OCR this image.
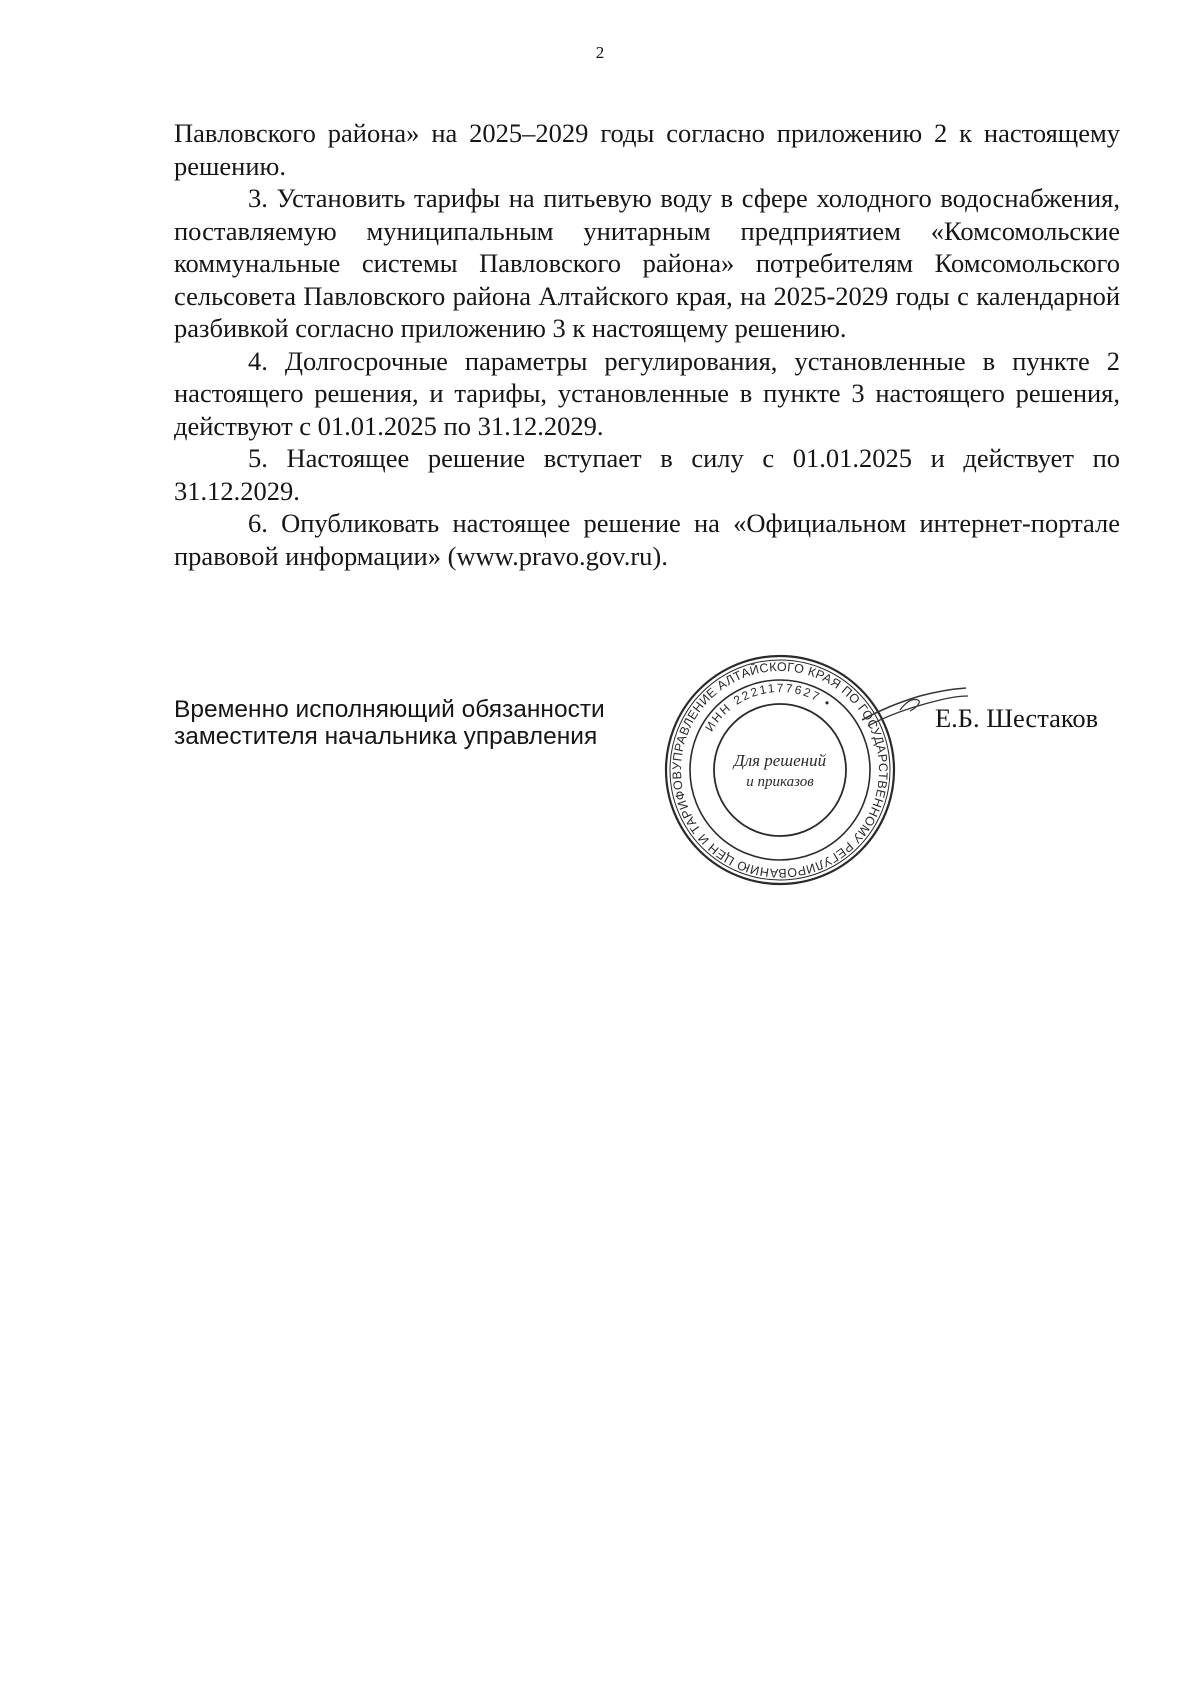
2

Павловского района» на 2025–2029 годы согласно приложению 2 к настоящему решению.

3. Установить тарифы на питьевую воду в сфере холодного водоснабжения, поставляемую муниципальным унитарным предприятием «Комсомольские коммунальные системы Павловского района» потребителям Комсомольского сельсовета Павловского района Алтайского края, на 2025-2029 годы с календарной разбивкой согласно приложению 3 к настоящему решению.

4. Долгосрочные параметры регулирования, установленные в пункте 2 настоящего решения, и тарифы, установленные в пункте 3 настоящего решения, действуют с 01.01.2025 по 31.12.2029.

5. Настоящее решение вступает в силу с 01.01.2025 и действует по 31.12.2029.

6. Опубликовать настоящее решение на «Официальном интернет-портале правовой информации» (www.pravo.gov.ru).

Временно исполняющий обязанности
заместителя начальника управления
УПРАВЛЕНИЕ АЛТАЙСКОГО КРАЯ ПО ГОСУДАРСТВЕННОМУ РЕГУЛИРОВАНИЮ ЦЕН И ТАРИФОВ
ИНН 2221177627 •
Для решений
и приказов
Е.Б. Шестаков
